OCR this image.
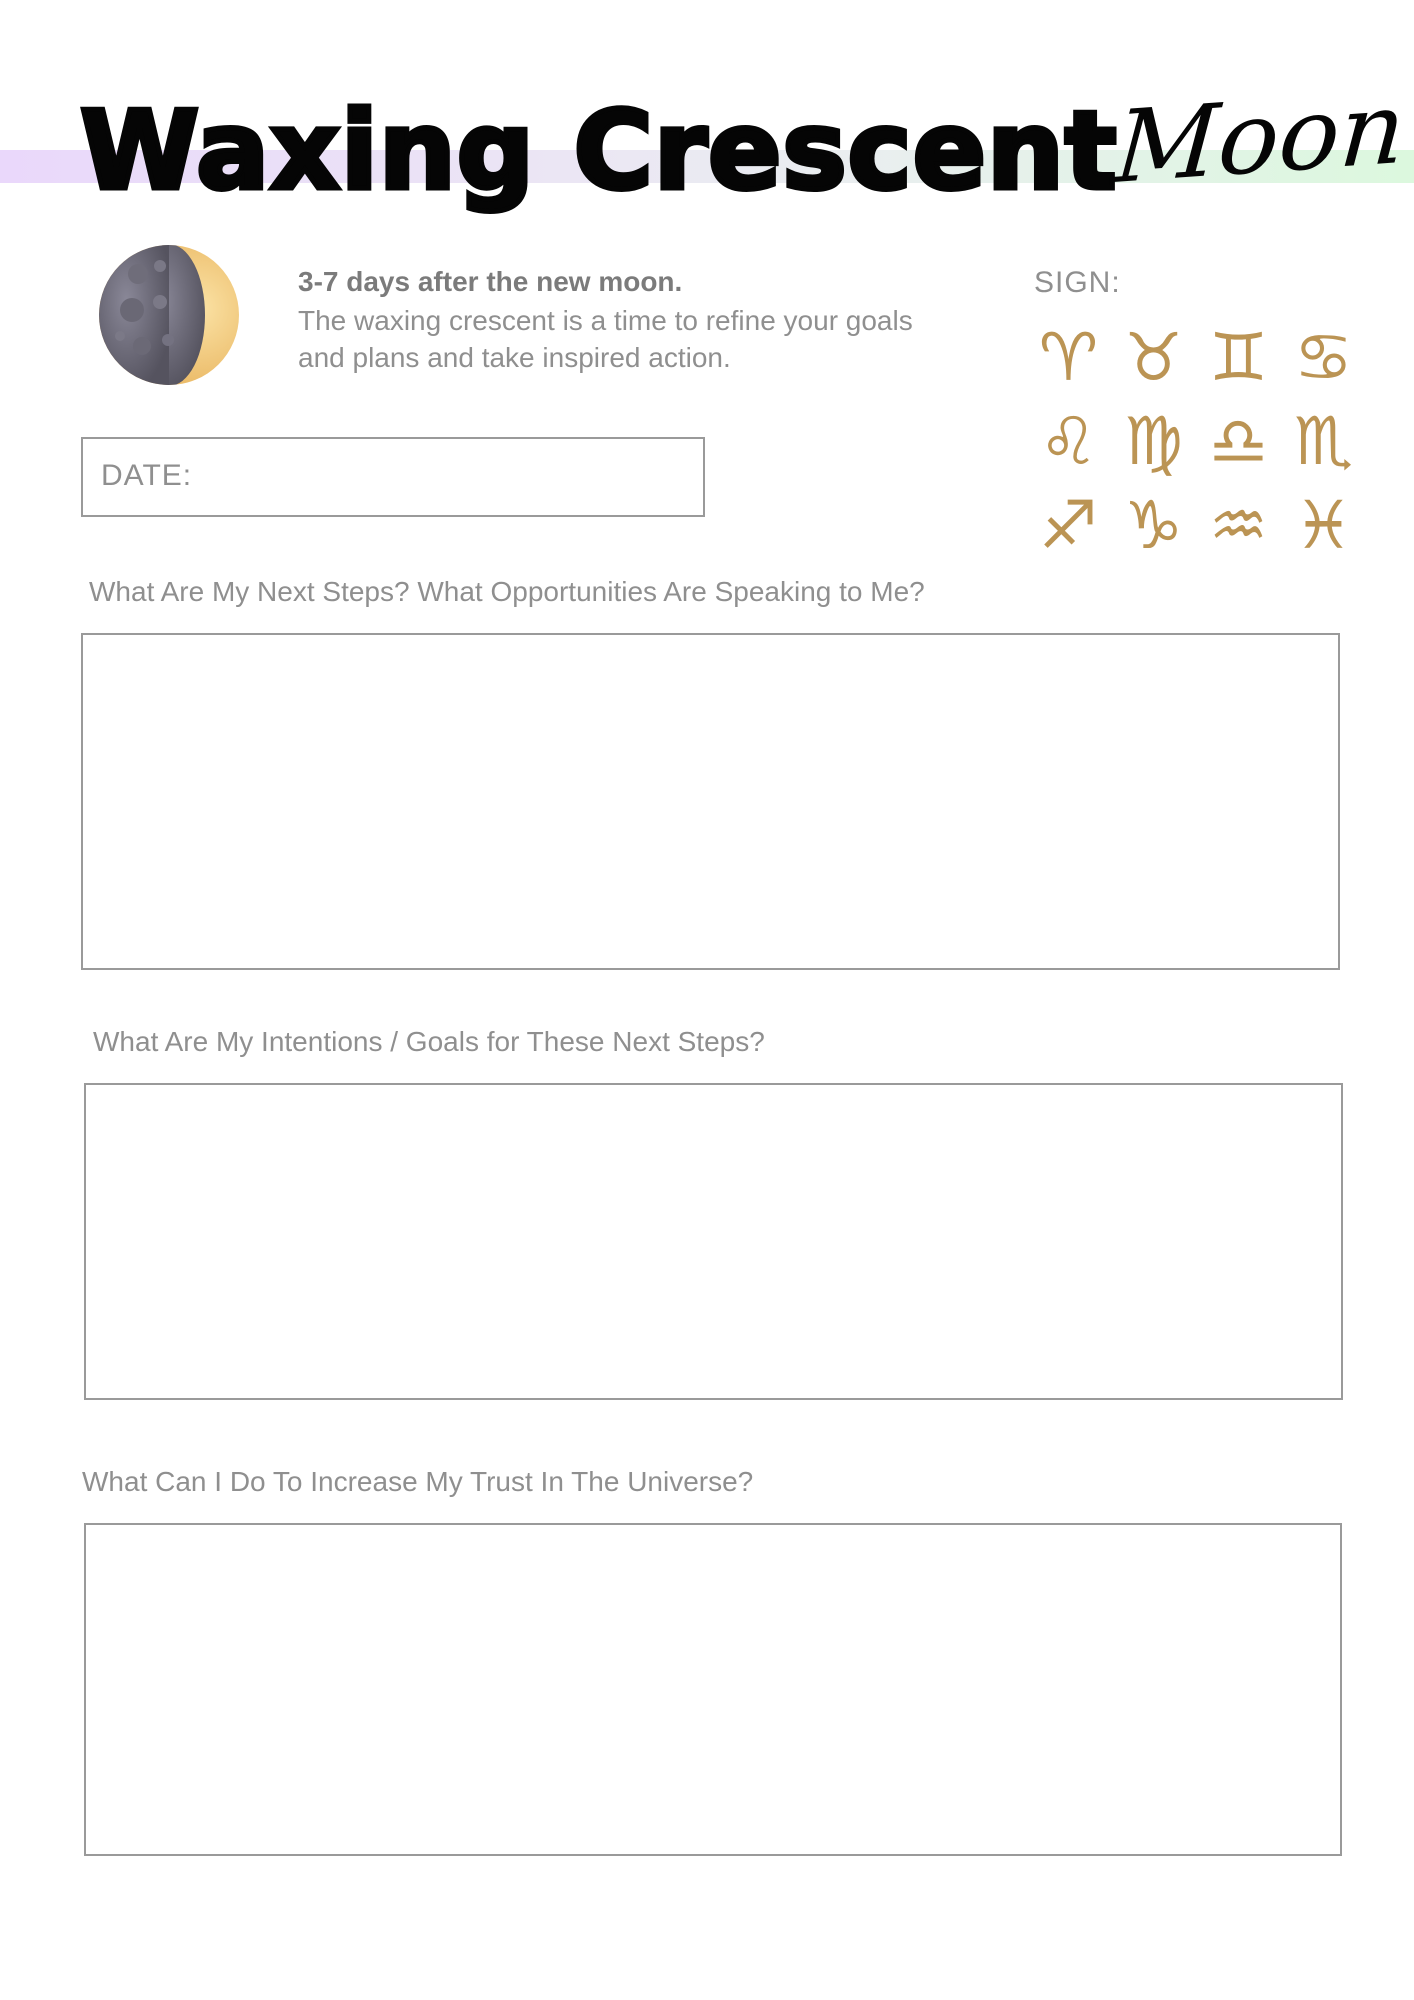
Waxing Crescent
Moon
3-7 days after the new moon.
The waxing crescent is a time to refine your goals and plans and take inspired action.
SIGN:
♈︎ ♉︎ ♊︎ ♋︎
♌︎ ♍︎ ♎︎ ♏︎
♐︎ ♑︎ ♒︎ ♓︎
DATE:
What Are My Next Steps? What Opportunities Are Speaking to Me?
What Are My Intentions / Goals for These Next Steps?
What Can I Do To Increase My Trust In The Universe?
